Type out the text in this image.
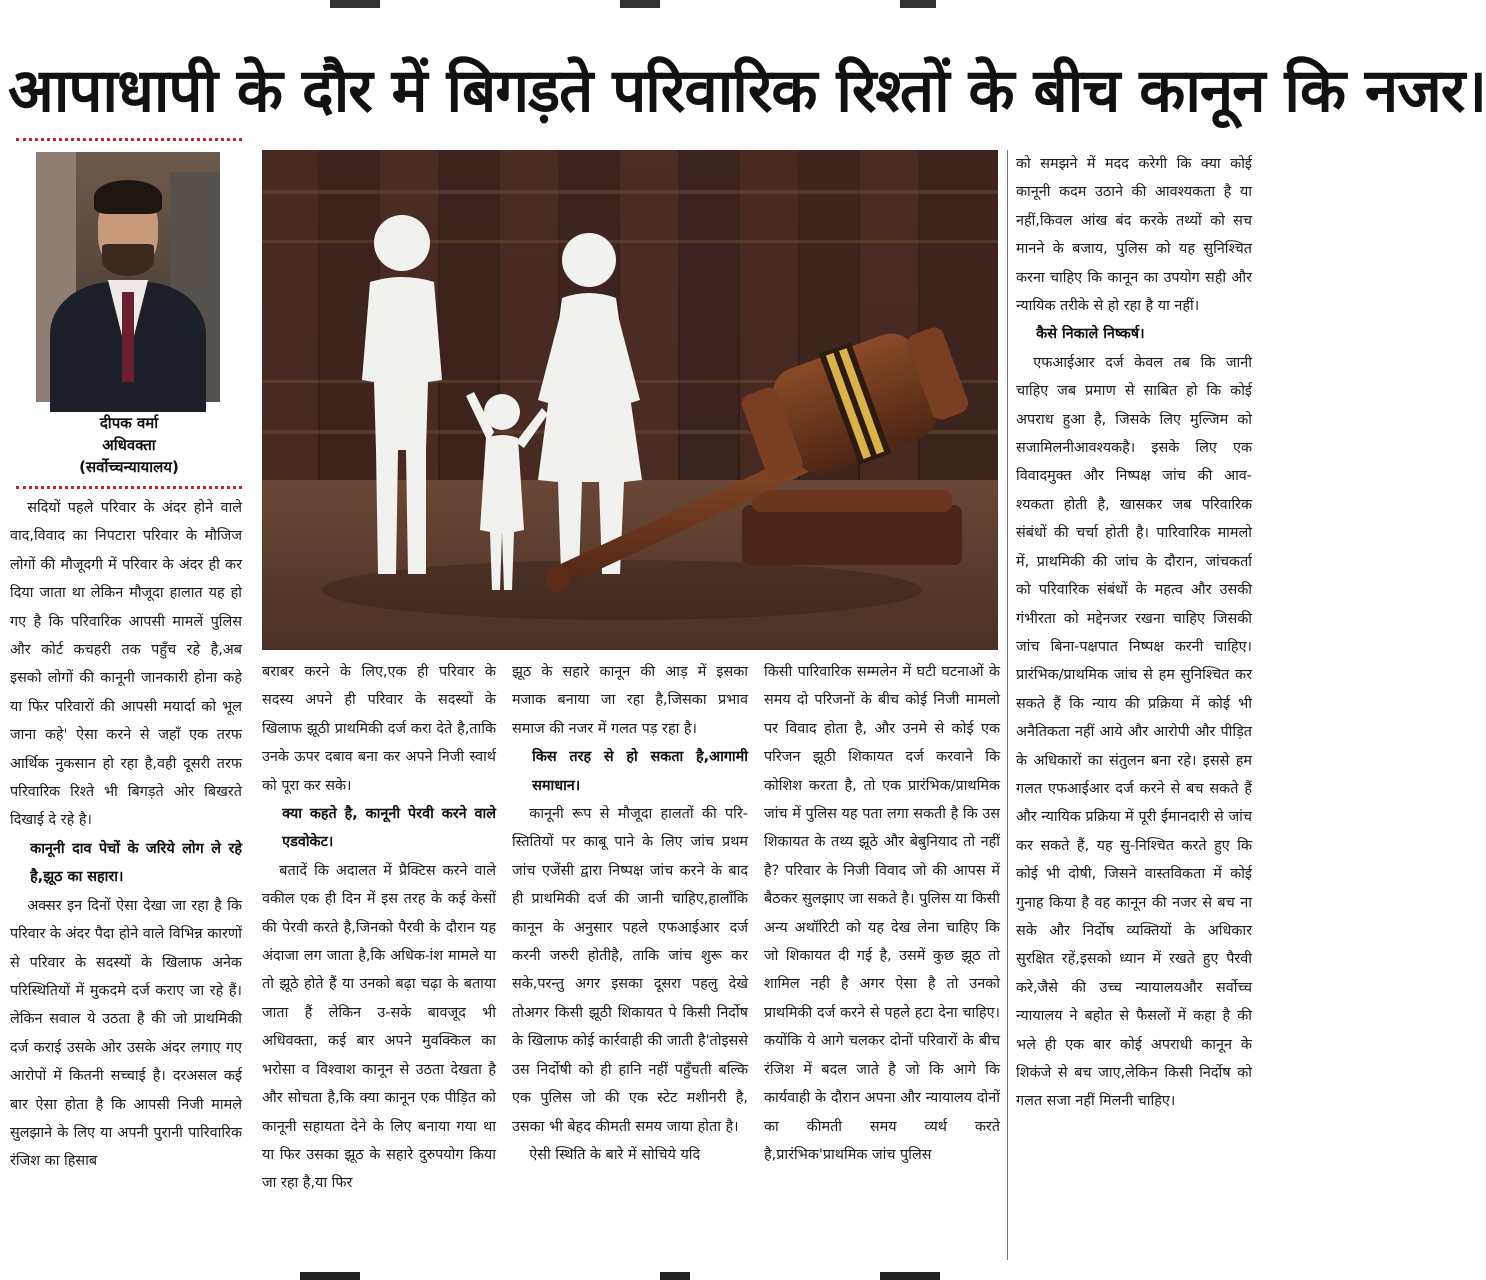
आपाधापी के दौर में बिगड़ते परिवारिक रिश्तों के बीच कानून कि नजर।
दीपक वर्मा
अधिवक्ता
(सर्वोच्चन्यायालय)

सदियों पहले परिवार के अंदर होने वाले वाद,विवाद का निपटारा परिवार के मौजिज लोगों की मौजूदगी में परिवार के अंदर ही कर दिया जाता था लेकिन मौजूदा हालात यह हो गए है कि परिवारिक आपसी मामलें पुलिस और कोर्ट कचहरी तक पहुँच रहे है,अब इसको लोगों की कानूनी जानकारी होना कहे या फिर परिवारों की आपसी मयार्दा को भूल जाना कहे' ऐसा करने से जहॉं एक तरफ आर्थिक नुकसान हो रहा है,वही दूसरी तरफ परिवारिक रिश्ते भी बिगड़ते ओर बिखरते दिखाई दे रहे है।

कानूनी दाव पेचों के जरिये लोग ले रहे है,झूठ का सहारा।

अक्सर इन दिनों ऐसा देखा जा रहा है कि परिवार के अंदर पैदा होने वाले विभिन्न कारणों से परिवार के सदस्यों के खिलाफ अनेक परिस्थितियों में मुकदमे दर्ज कराए जा रहे हैं। लेकिन सवाल ये उठता है की जो प्राथमिकी दर्ज कराई उसके ओर उसके अंदर लगाए गए आरोपों में कितनी सच्चाई है। दरअसल कई बार ऐसा होता है कि आपसी निजी मामले सुलझाने के लिए या अपनी पुरानी पारिवारिक रंजिश का हिसाब

बराबर करने के लिए,एक ही परिवार के सदस्य अपने ही परिवार के सदस्यों के खिलाफ झूठी प्राथमिकी दर्ज करा देते है,ताकि उनके ऊपर दबाव बना कर अपने निजी स्वार्थ को पूरा कर सके।

क्या कहते है, कानूनी पेरवी करने वाले एडवोकेट।

बतादें कि अदालत में प्रैक्टिस करने वाले वकील एक ही दिन में इस तरह के कई केसों की पेरवी करते है,जिनको पैरवी के दौरान यह अंदाजा लग जाता है,कि अधिक-ांश मामले या तो झूठे होते हैं या उनको बढ़ा चढ़ा के बताया जाता हैं लेकिन उ-सके बावजूद भी अधिवक्ता, कई बार अपने मुवक्किल का भरोसा व विश्वाश कानून से उठता देखता है और सोचता है,कि क्या कानून एक पीड़ित को कानूनी सहायता देने के लिए बनाया गया था या फिर उसका झूठ के सहारे दुरुपयोग किया जा रहा है,या फिर

झूठ के सहारे कानून की आड़ में इसका मजाक बनाया जा रहा है,जिसका प्रभाव समाज की नजर में गलत पड़ रहा है।

किस तरह से हो सकता है,आगामी समाधान।

कानूनी रूप से मौजूदा हालतों की परि-स्तितियों पर काबू पाने के लिए जांच प्रथम जांच एजेंसी द्वारा निष्पक्ष जांच करने के बाद ही प्राथमिकी दर्ज की जानी चाहिए,हालाँकि कानून के अनुसार पहले एफआईआर दर्ज करनी जरुरी होतीहै, ताकि जांच शुरू कर सके,परन्तु अगर इसका दूसरा पहलु देखे तोअगर किसी झूठी शिकायत पे किसी निर्दोष के खिलाफ कोई कार्रवाही की जाती है'तोइससे उस निर्दोषी को ही हानि नहीं पहुँचती बल्कि एक पुलिस जो की एक स्टेट मशीनरी है, उसका भी बेहद कीमती समय जाया होता है।

ऐसी स्थिति के बारे में सोचिये यदि

किसी पारिवारिक सम्मलेन में घटी घटनाओं के समय दो परिजनों के बीच कोई निजी मामलो पर विवाद होता है, और उनमे से कोई एक परिजन झूठी शिकायत दर्ज करवाने कि कोशिश करता है, तो एक प्रारंभिक/प्राथमिक जांच में पुलिस यह पता लगा सकती है कि उस शिकायत के तथ्य झूठे और बेबुनियाद तो नहीं है? परिवार के निजी विवाद जो की आपस में बैठकर सुलझाए जा सकते है। पुलिस या किसी अन्य अथॉरिटी को यह देख लेना चाहिए कि जो शिकायत दी गई है, उसमें कुछ झूठ तो शामिल नही है अगर ऐसा है तो उनको प्राथमिकी दर्ज करने से पहले हटा देना चाहिए। कयोंकि ये आगे चलकर दोनों परिवारों के बीच रंजिश में बदल जाते है जो कि आगे कि कार्यवाही के दौरान अपना और न्यायालय दोनों का कीमती समय व्यर्थ करते है,प्रारंभिक'प्राथमिक जांच पुलिस

को समझने में मदद करेगी कि क्या कोई कानूनी कदम उठाने की आवश्यकता है या नहीं,किवल आंख बंद करके तथ्यों को सच मानने के बजाय, पुलिस को यह सुनिश्चित करना चाहिए कि कानून का उपयोग सही और न्यायिक तरीके से हो रहा है या नहीं।

कैसे निकाले निष्कर्ष।

एफआईआर दर्ज केवल तब कि जानी चाहिए जब प्रमाण से साबित हो कि कोई अपराध हुआ है, जिसके लिए मुल्जिम को सजामिलनीआवश्यकहै। इसके लिए एक विवादमुक्त और निष्पक्ष जांच की आव-श्यकता होती है, खासकर जब परिवारिक संबंधों की चर्चा होती है। पारिवारिक मामलो में, प्राथमिकी की जांच के दौरान, जांचकर्ता को परिवारिक संबंधों के महत्व और उसकी गंभीरता को मद्देनजर रखना चाहिए जिसकी जांच बिना-पक्षपात निष्पक्ष करनी चाहिए। प्रारंभिक/प्राथमिक जांच से हम सुनिश्चित कर सकते हैं कि न्याय की प्रक्रिया में कोई भी अनैतिकता नहीं आये और आरोपी और पीड़ित के अधिकारों का संतुलन बना रहे। इससे हम गलत एफआईआर दर्ज करने से बच सकते हैं और न्यायिक प्रक्रिया में पूरी ईमानदारी से जांच कर सकते हैं, यह सु-निश्चित करते हुए कि कोई भी दोषी, जिसने वास्तविकता में कोई गुनाह किया है वह कानून की नजर से बच ना सके और निर्दोष व्यक्तियों के अधिकार सुरक्षित रहें,इसको ध्यान में रखते हुए पैरवी करे,जैसे की उच्च न्यायालयऔर सर्वोच्च न्यायालय ने बहोत से फैसलों में कहा है की भले ही एक बार कोई अपराधी कानून के शिकंजे से बच जाए,लेकिन किसी निर्दोष को गलत सजा नहीं मिलनी चाहिए।
